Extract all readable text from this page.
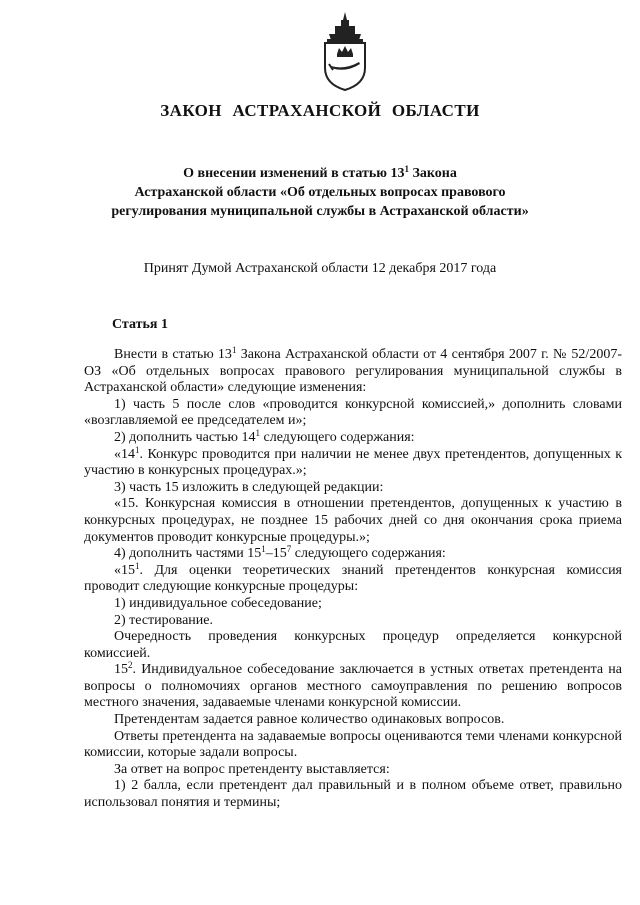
ЗАКОН АСТРАХАНСКОЙ ОБЛАСТИ
О внесении изменений в статью $13^1$ Закона
Астраханской области «Об отдельных вопросах правового
регулирования муниципальной службы в Астраханской области»
Принят Думой Астраханской области 12 декабря 2017 года
Статья 1

Внести в статью $13^1$ Закона Астраханской области от 4 сентября 2007 г. № 52/2007-ОЗ «Об отдельных вопросах правового регулирования муниципальной службы в Астраханской области» следующие изменения:

1) часть 5 после слов «проводится конкурсной комиссией,» дополнить словами «возглавляемой ее председателем и»;

2) дополнить частью $14^1$ следующего содержания:

«$14^1$. Конкурс проводится при наличии не менее двух претендентов, допущенных к участию в конкурсных процедурах.»;

3) часть 15 изложить в следующей редакции:

«15. Конкурсная комиссия в отношении претендентов, допущенных к участию в конкурсных процедурах, не позднее 15 рабочих дней со дня окончания срока приема документов проводит конкурсные процедуры.»;

4) дополнить частями $15^1-15^7$ следующего содержания:

«$15^1$. Для оценки теоретических знаний претендентов конкурсная комиссия проводит следующие конкурсные процедуры:

1) индивидуальное собеседование;

2) тестирование.

Очередность проведения конкурсных процедур определяется конкурсной комиссией.

$15^2$. Индивидуальное собеседование заключается в устных ответах претендента на вопросы о полномочиях органов местного самоуправления по решению вопросов местного значения, задаваемые членами конкурсной комиссии.

Претендентам задается равное количество одинаковых вопросов.

Ответы претендента на задаваемые вопросы оцениваются теми членами конкурсной комиссии, которые задали вопросы.

За ответ на вопрос претенденту выставляется:

1) 2 балла, если претендент дал правильный и в полном объеме ответ, правильно использовал понятия и термины;
